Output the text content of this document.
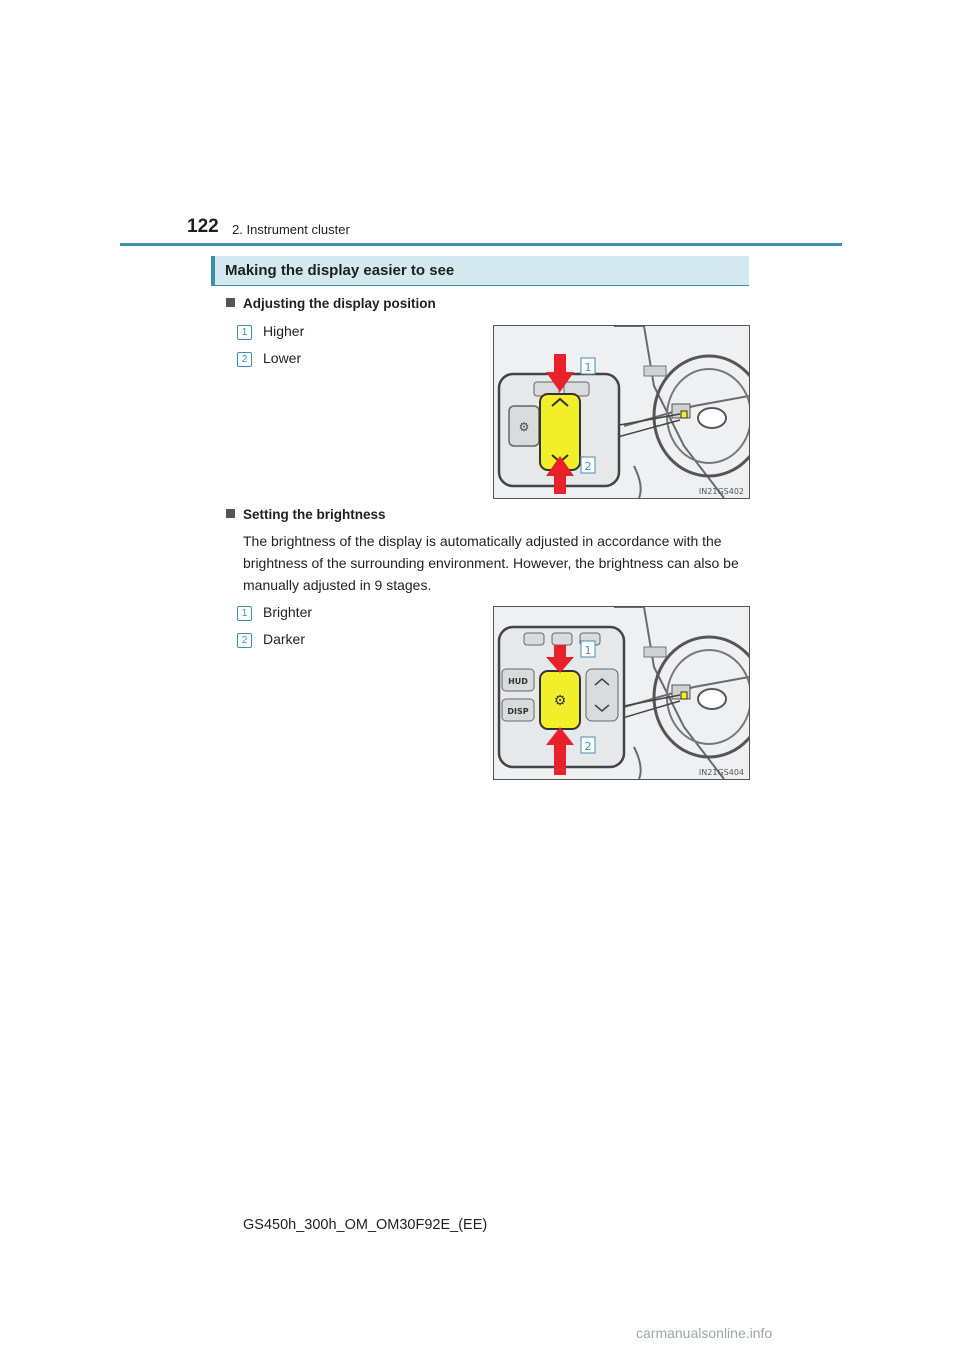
122 2. Instrument cluster
Making the display easier to see
Adjusting the display position
1 Higher
2 Lower
⚙
1
2
IN21GS402
Setting the brightness
The brightness of the display is automatically adjusted in accordance with the brightness of the surrounding environment. However, the brightness can also be manually adjusted in 9 stages.
1 Brighter
2 Darker
HUD
DISP
⚙
1
2
IN21GS404
GS450h_300h_OM_OM30F92E_(EE)
carmanualsonline.info
